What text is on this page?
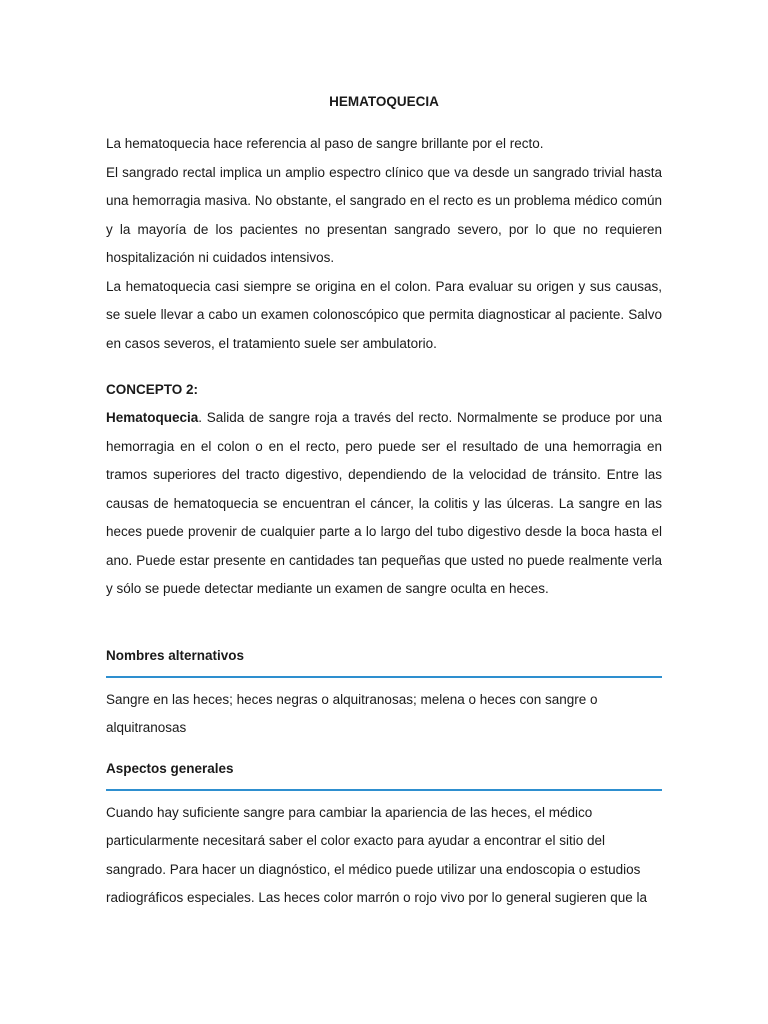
HEMATOQUECIA

La hematoquecia hace referencia al paso de sangre brillante por el recto.

El sangrado rectal implica un amplio espectro clínico que va desde un sangrado trivial hasta una hemorragia masiva. No obstante, el sangrado en el recto es un problema médico común y la mayoría de los pacientes no presentan sangrado severo, por lo que no requieren hospitalización ni cuidados intensivos.

La hematoquecia casi siempre se origina en el colon. Para evaluar su origen y sus causas, se suele llevar a cabo un examen colonoscópico que permita diagnosticar al paciente. Salvo en casos severos, el tratamiento suele ser ambulatorio.

CONCEPTO 2:

Hematoquecia. Salida de sangre roja a través del recto. Normalmente se produce por una hemorragia en el colon o en el recto, pero puede ser el resultado de una hemorragia en tramos superiores del tracto digestivo, dependiendo de la velocidad de tránsito. Entre las causas de hematoquecia se encuentran el cáncer, la colitis y las úlceras. La sangre en las heces puede provenir de cualquier parte a lo largo del tubo digestivo desde la boca hasta el ano. Puede estar presente en cantidades tan pequeñas que usted no puede realmente verla y sólo se puede detectar mediante un examen de sangre oculta en heces.

Nombres alternativos

Sangre en las heces; heces negras o alquitranosas; melena o heces con sangre o alquitranosas

Aspectos generales

Cuando hay suficiente sangre para cambiar la apariencia de las heces, el médico particularmente necesitará saber el color exacto para ayudar a encontrar el sitio del sangrado. Para hacer un diagnóstico, el médico puede utilizar una endoscopia o estudios radiográficos especiales. Las heces color marrón o rojo vivo por lo general sugieren que la
